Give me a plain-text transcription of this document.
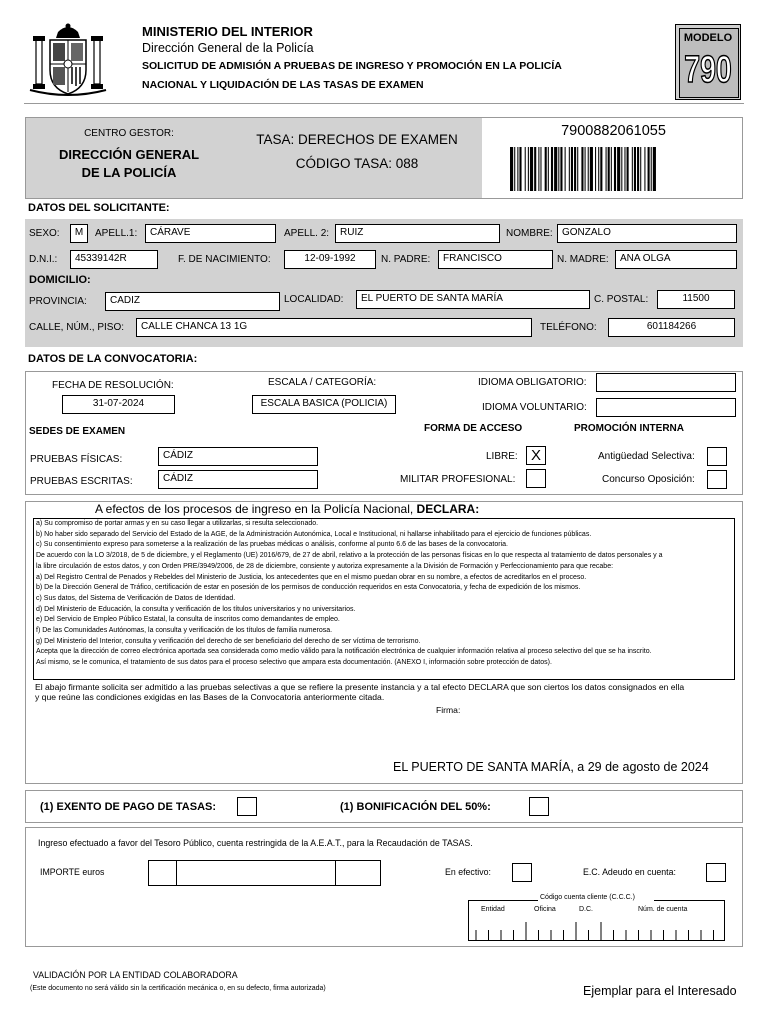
MINISTERIO DEL INTERIOR
Dirección General de la Policía
SOLICITUD DE ADMISIÓN A PRUEBAS DE INGRESO Y PROMOCIÓN EN LA POLICÍA
NACIONAL Y LIQUIDACIÓN DE LAS TASAS DE EXAMEN
MODELO
790
CENTRO GESTOR:
DIRECCIÓN GENERAL
DE LA POLICÍA
TASA: DERECHOS DE EXAMEN
CÓDIGO TASA: 088
7900882061055
DATOS DEL SOLICITANTE:
SEXO:	M	APELL.1:	CÁRAVE	APELL. 2:	RUIZ	NOMBRE: GONZALO
D.N.I.:	45339142R	F. DE NACIMIENTO:	12-09-1992	N. PADRE:	FRANCISCO	N. MADRE:	ANA OLGA
DOMICILIO:
PROVINCIA:	CADIZ	LOCALIDAD:	EL PUERTO DE SANTA MARÍA	C. POSTAL:	11500
CALLE, NÚM., PISO:	CALLE CHANCA 13 1G	TELÉFONO:	601184266
DATOS DE LA CONVOCATORIA:
FECHA DE RESOLUCIÓN:
31-07-2024
ESCALA / CATEGORÍA:
ESCALA BASICA (POLICIA)
IDIOMA OBLIGATORIO:
IDIOMA VOLUNTARIO:
SEDES DE EXAMEN	FORMA DE ACCESO	PROMOCIÓN INTERNA
PRUEBAS FÍSICAS:	CÁDIZ
PRUEBAS ESCRITAS:	CÁDIZ
LIBRE: X
MILITAR PROFESIONAL:
Antigüedad Selectiva:
Concurso Oposición:
A efectos de los procesos de ingreso en la Policía Nacional, DECLARA:
a) Su compromiso de portar armas y en su caso llegar a utilizarlas, si resulta seleccionado.
b) No haber sido separado del Servicio del Estado de la AGE, de la Administración Autonómica, Local e Institucional, ni hallarse inhabilitado para el ejercicio de funciones públicas.
c) Su consentimiento expreso para someterse a la realización de las pruebas médicas o análisis, conforme al punto 6.6 de las bases de la convocatoria.
De acuerdo con la LO 3/2018, de 5 de diciembre, y el Reglamento (UE) 2016/679, de 27 de abril, relativo a la protección de las personas físicas en lo que respecta al tratamiento de datos personales y a
la libre circulación de estos datos, y con Orden PRE/3949/2006, de 28 de diciembre, consiente y autoriza expresamente a la División de Formación y Perfeccionamiento para que recabe:
a) Del Registro Central de Penados y Rebeldes del Ministerio de Justicia, los antecedentes que en el mismo puedan obrar en su nombre, a efectos de acreditarlos en el proceso.
b) De la Dirección General de Tráfico, certificación de estar en posesión de los permisos de conducción requeridos en esta Convocatoria, y fecha de expedición de los mismos.
c) Sus datos, del Sistema de Verificación de Datos de Identidad.
d) Del Ministerio de Educación, la consulta y verificación de los títulos universitarios y no universitarios.
e) Del Servicio de Empleo Público Estatal, la consulta de inscritos como demandantes de empleo.
f) De las Comunidades Autónomas, la consulta y verificación de los títulos de familia numerosa.
g) Del Ministerio del Interior, consulta y verificación del derecho de ser beneficiario del derecho de ser víctima de terrorismo.
Acepta que la dirección de correo electrónica aportada sea considerada como medio válido para la notificación electrónica de cualquier información relativa al proceso selectivo del que se ha inscrito.
Así mismo, se le comunica, el tratamiento de sus datos para el proceso selectivo que ampara esta documentación. (ANEXO I, información sobre protección de datos).
El abajo firmante solicita ser admitido a las pruebas selectivas a que se refiere la presente instancia y a tal efecto DECLARA que son ciertos los datos consignados en ella
y que reúne las condiciones exigidas en las Bases de la Convocatoria anteriormente citada.
Firma:
EL PUERTO DE SANTA MARÍA, a 29 de agosto de 2024
(1) EXENTO DE PAGO DE TASAS:	(1) BONIFICACIÓN DEL 50%:
Ingreso efectuado a favor del Tesoro Público, cuenta restringida de la A.E.A.T., para la Recaudación de TASAS.
IMPORTE euros	En efectivo:	E.C. Adeudo en cuenta:
Código cuenta cliente (C.C.C.)
Entidad	Oficina	D.C.	Núm. de cuenta
VALIDACIÓN POR LA ENTIDAD COLABORADORA
(Este documento no será válido sin la certificación mecánica o, en su defecto, firma autorizada)	Ejemplar para el Interesado
